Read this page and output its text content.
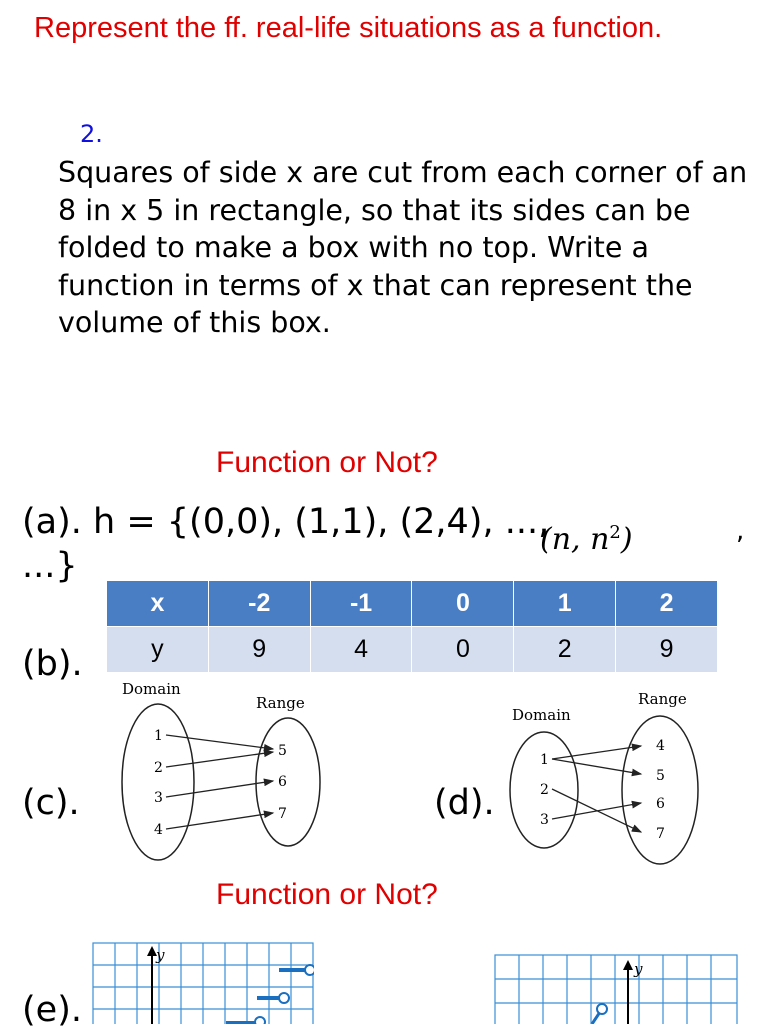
Represent the ff. real-life situations as a function.
2.
Squares of side x are cut from each corner of an 8 in x 5 in rectangle, so that its sides can be folded to make a box with no top. Write a function in terms of x that can represent the volume of this box.
Function or Not?
(a). h = {(0,0), (1,1), (2,4), ...,
(n, $n^2$)	,
...}
x	-2	-1	0	1	2
y	9	4	0	2	9
(b).
(c).
Domain
Range
1
2
3
4
5
6
7	(d).
Domain
Range
1
2
3
4
5
6
7
Function or Not?
(e).
y
y
